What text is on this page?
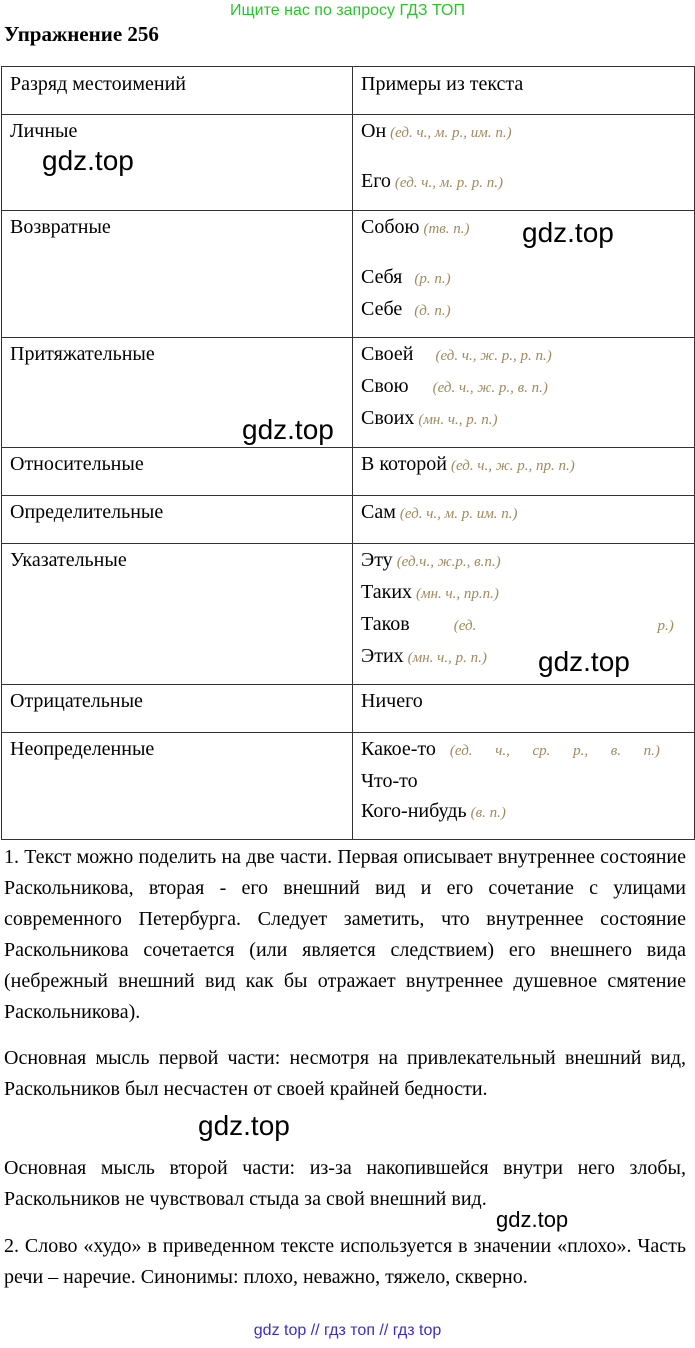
Ищите нас по запросу ГДЗ ТОП
Упражнение 256
Разряд местоимений	Примеры из текста

Личные	Он (ед. ч., м. р., им. п.)
Его (ед. ч., м. р. р. п.)

Возвратные	Собою (тв. п.)
Себя (р. п.)
Себе (д. п.)

Притяжательные	Своей (ед. ч., ж. р., р. п.)
Свою (ед. ч., ж. р., в. п.)
Своих (мн. ч., р. п.)

Относительные	В которой (ед. ч., ж. р., пр. п.)

Определительные	Сам (ед. ч., м. р. им. п.)

Указательные	Эту (ед.ч., ж.р., в.п.)
Таких (мн. ч., пр.п.)
Таков (ед. р.)
Этих (мн. ч., р. п.)

Отрицательные	Ничего

Неопределенные	Какое-то (ед. ч., ср. р., в. п.)
Что-то
Кого-нибудь (в. п.)

1. Текст можно поделить на две части. Первая описывает внутреннее состояние Раскольникова, вторая - его внешний вид и его сочетание с улицами современного Петербурга. Следует заметить, что внутреннее состояние Раскольникова сочетается (или является следствием) его внешнего вида (небрежный внешний вид как бы отражает внутреннее душевное смятение Раскольникова).

Основная мысль первой части: несмотря на привлекательный внешний вид, Раскольников был несчастен от своей крайней бедности.

Основная мысль второй части: из-за накопившейся внутри него злобы, Раскольников не чувствовал стыда за свой внешний вид.

2. Слово «худо» в приведенном тексте используется в значении «плохо». Часть речи – наречие. Синонимы: плохо, неважно, тяжело, скверно.

gdz.top
gdz.top
gdz.top
gdz.top
gdz.top
gdz.top
gdz top // гдз топ // гдз top
